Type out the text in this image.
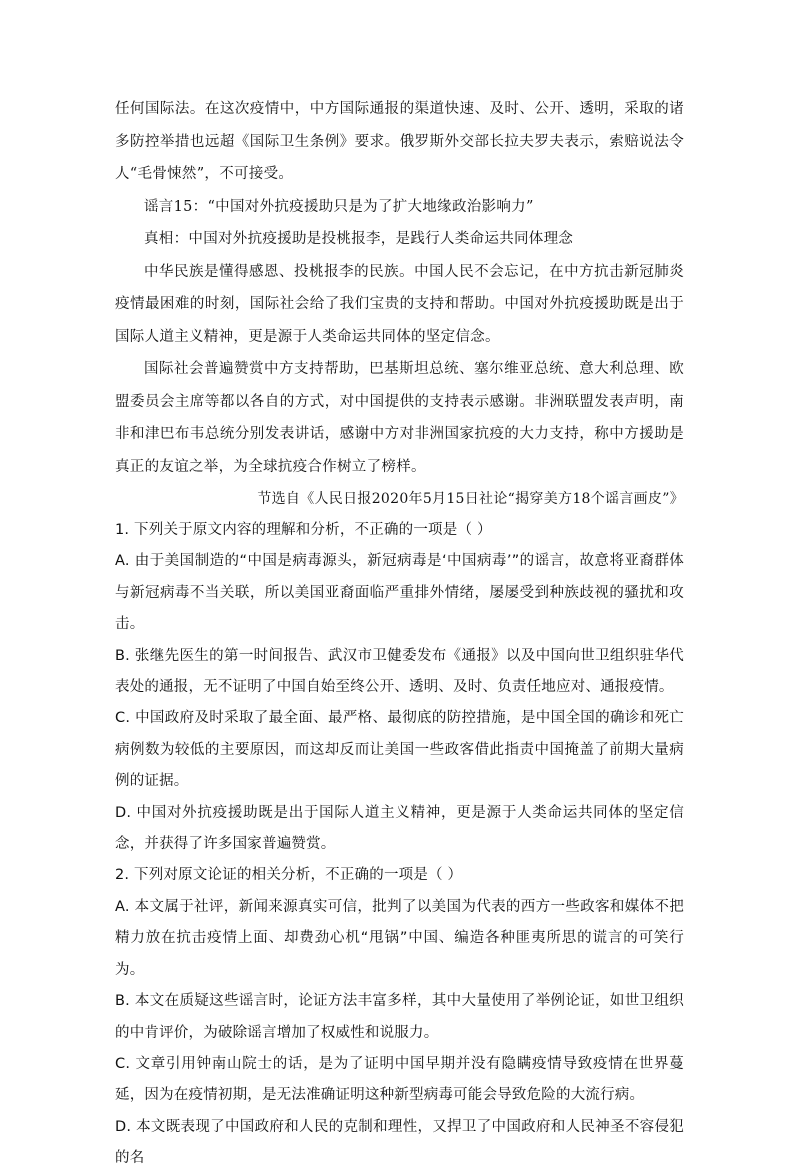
任何国际法。在这次疫情中，中方国际通报的渠道快速、及时、公开、透明，采取的诸多防控举措也远超《国际卫生条例》要求。俄罗斯外交部长拉夫罗夫表示，索赔说法令人“毛骨悚然”，不可接受。

谣言15：“中国对外抗疫援助只是为了扩大地缘政治影响力”

真相：中国对外抗疫援助是投桃报李，是践行人类命运共同体理念

中华民族是懂得感恩、投桃报李的民族。中国人民不会忘记，在中方抗击新冠肺炎疫情最困难的时刻，国际社会给了我们宝贵的支持和帮助。中国对外抗疫援助既是出于国际人道主义精神，更是源于人类命运共同体的坚定信念。

国际社会普遍赞赏中方支持帮助，巴基斯坦总统、塞尔维亚总统、意大利总理、欧盟委员会主席等都以各自的方式，对中国提供的支持表示感谢。非洲联盟发表声明，南非和津巴布韦总统分别发表讲话，感谢中方对非洲国家抗疫的大力支持，称中方援助是真正的友谊之举，为全球抗疫合作树立了榜样。

节选自《人民日报2020年5月15日社论“揭穿美方18个谣言画皮”》

1. 下列关于原文内容的理解和分析，不正确的一项是（ ）

A. 由于美国制造的“中国是病毒源头，新冠病毒是‘中国病毒’”的谣言，故意将亚裔群体与新冠病毒不当关联，所以美国亚裔面临严重排外情绪，屡屡受到种族歧视的骚扰和攻击。

B. 张继先医生的第一时间报告、武汉市卫健委发布《通报》以及中国向世卫组织驻华代表处的通报，无不证明了中国自始至终公开、透明、及时、负责任地应对、通报疫情。

C. 中国政府及时采取了最全面、最严格、最彻底的防控措施，是中国全国的确诊和死亡病例数为较低的主要原因，而这却反而让美国一些政客借此指责中国掩盖了前期大量病例的证据。

D. 中国对外抗疫援助既是出于国际人道主义精神，更是源于人类命运共同体的坚定信念，并获得了许多国家普遍赞赏。

2. 下列对原文论证的相关分析，不正确的一项是（ ）

A. 本文属于社评，新闻来源真实可信，批判了以美国为代表的西方一些政客和媒体不把精力放在抗击疫情上面、却费劲心机“甩锅”中国、编造各种匪夷所思的谎言的可笑行为。

B. 本文在质疑这些谣言时，论证方法丰富多样，其中大量使用了举例论证，如世卫组织的中肯评价，为破除谣言增加了权威性和说服力。

C. 文章引用钟南山院士的话，是为了证明中国早期并没有隐瞒疫情导致疫情在世界蔓延，因为在疫情初期，是无法准确证明这种新型病毒可能会导致危险的大流行病。

D. 本文既表现了中国政府和人民的克制和理性，又捍卫了中国政府和人民神圣不容侵犯的名
